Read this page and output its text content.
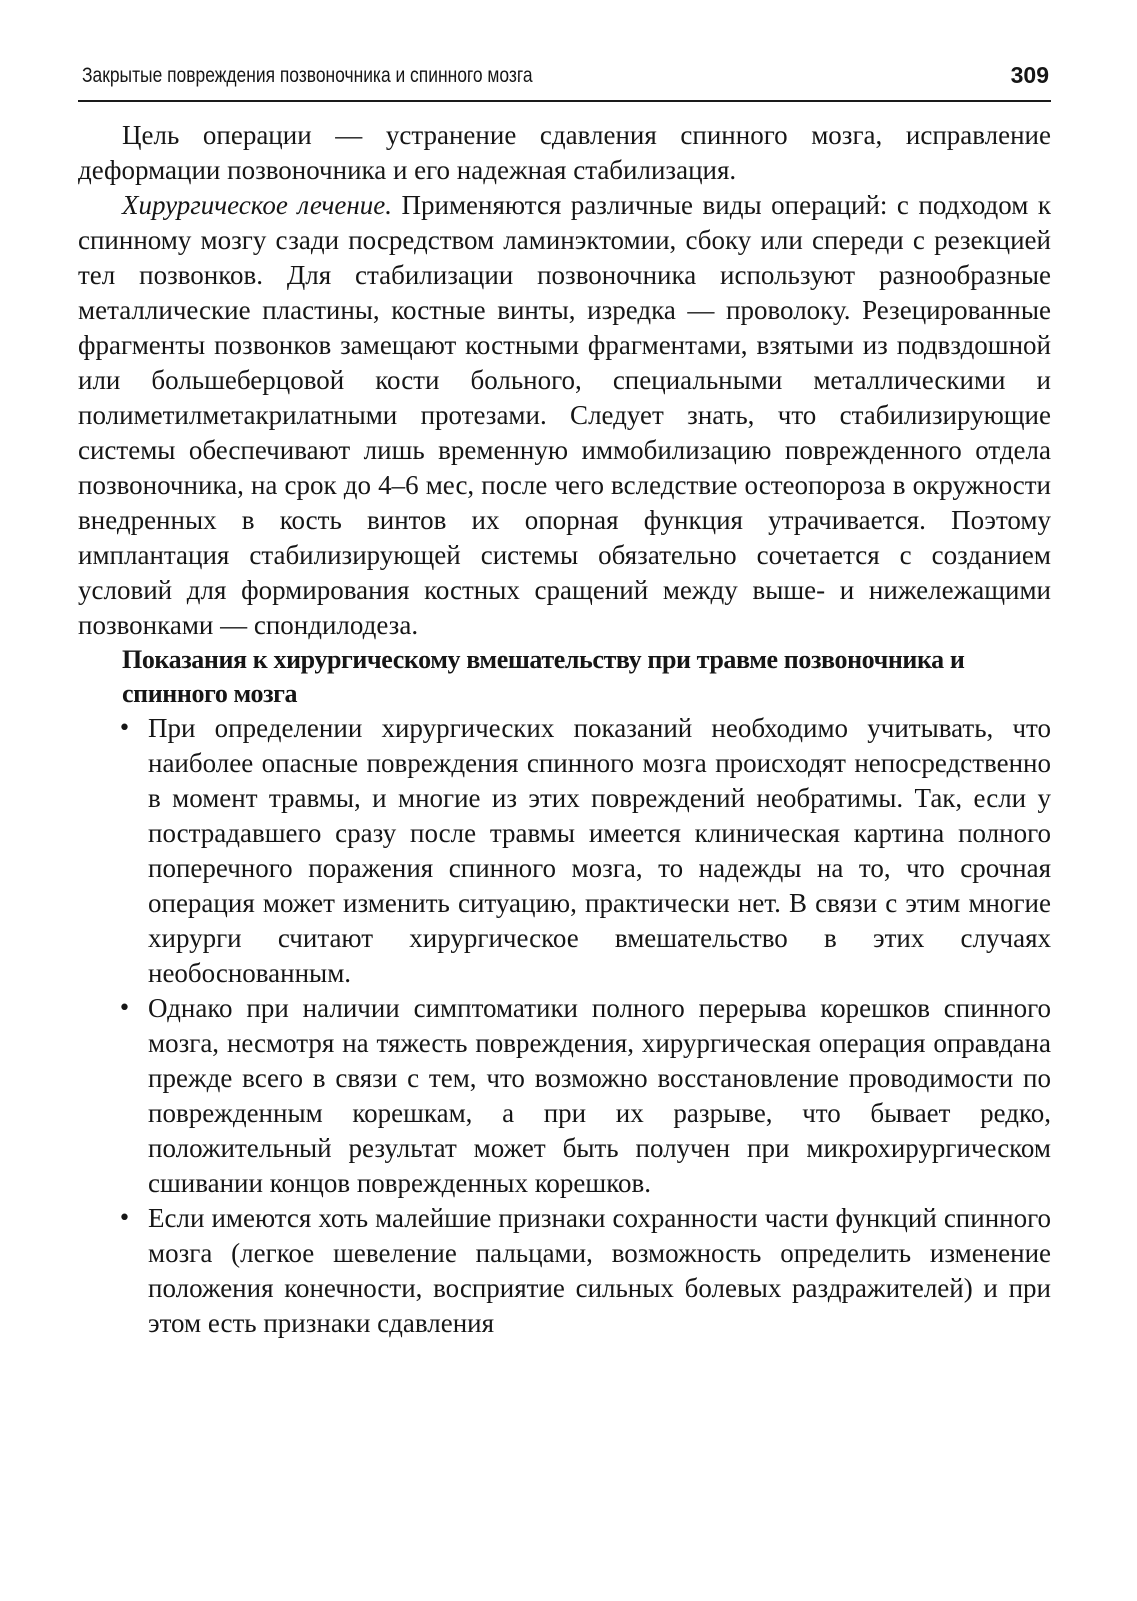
Закрытые повреждения позвоночника и спинного мозга	309

Цель операции — устранение сдавления спинного мозга, исправление деформации позвоночника и его надежная стабилизация.

Хирургическое лечение. Применяются различные виды операций: с подходом к спинному мозгу сзади посредством ламинэктомии, сбоку или спереди с резекцией тел позвонков. Для стабилизации позвоночника используют разнообразные металлические пластины, костные винты, изредка — проволоку. Резецированные фрагменты позвонков замещают костными фрагментами, взятыми из подвздошной или большеберцовой кости больного, специальными металлическими и полиметилметакрилатными протезами. Следует знать, что стабилизирующие системы обеспечивают лишь временную иммобилизацию поврежденного отдела позвоночника, на срок до 4–6 мес, после чего вследствие остеопороза в окружности внедренных в кость винтов их опорная функция утрачивается. Поэтому имплантация стабилизирующей системы обязательно сочетается с созданием условий для формирования костных сращений между выше- и нижележащими позвонками — спондилодеза.

Показания к хирургическому вмешательству при травме позвоночника и спинного мозга

• При определении хирургических показаний необходимо учитывать, что наиболее опасные повреждения спинного мозга происходят непосредственно в момент травмы, и многие из этих повреждений необратимы. Так, если у пострадавшего сразу после травмы имеется клиническая картина полного поперечного поражения спинного мозга, то надежды на то, что срочная операция может изменить ситуацию, практически нет. В связи с этим многие хирурги считают хирургическое вмешательство в этих случаях необоснованным.
• Однако при наличии симптоматики полного перерыва корешков спинного мозга, несмотря на тяжесть повреждения, хирургическая операция оправдана прежде всего в связи с тем, что возможно восстановление проводимости по поврежденным корешкам, а при их разрыве, что бывает редко, положительный результат может быть получен при микрохирургическом сшивании концов поврежденных корешков.
• Если имеются хоть малейшие признаки сохранности части функций спинного мозга (легкое шевеление пальцами, возможность определить изменение положения конечности, восприятие сильных болевых раздражителей) и при этом есть признаки сдавления
